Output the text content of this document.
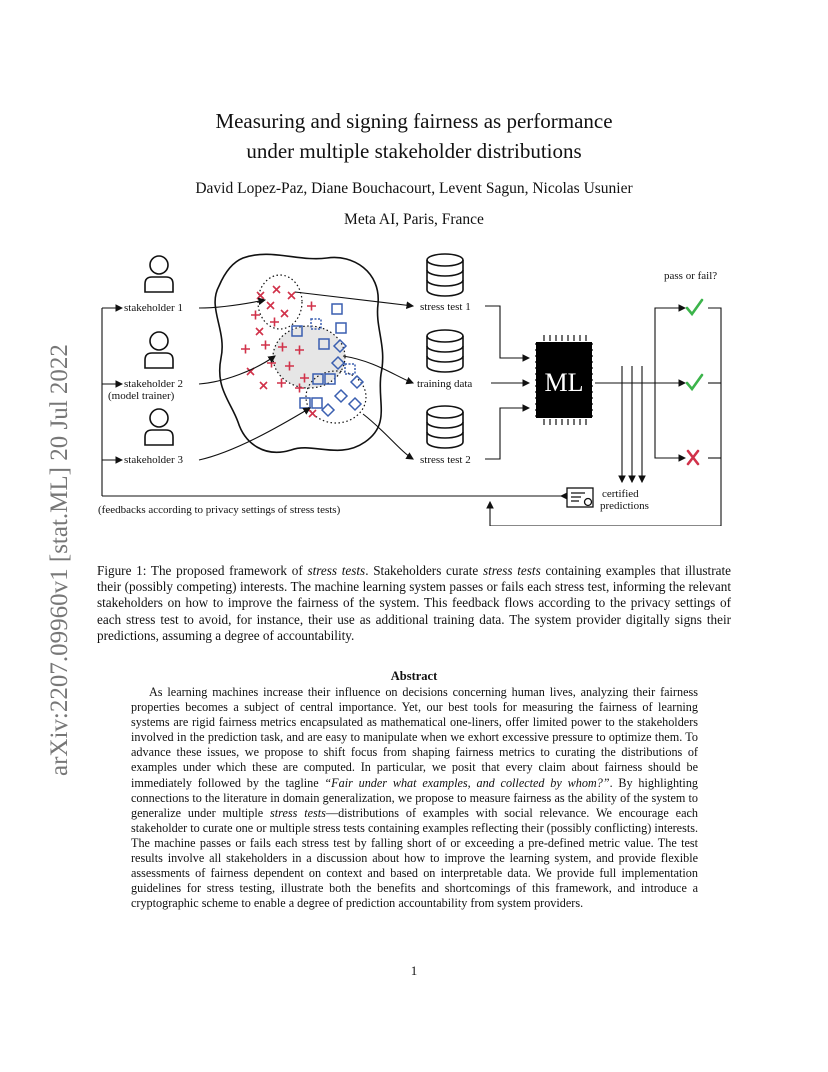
arXiv:2207.09960v1 [stat.ML] 20 Jul 2022
Measuring and signing fairness as performance
under multiple stakeholder distributions
David Lopez-Paz, Diane Bouchacourt, Levent Sagun, Nicolas Usunier
Meta AI, Paris, France
stakeholder 1
stakeholder 2
(model trainer)
stakeholder 3
stress test 1
training data
stress test 2
ML
pass or fail?
certified
predictions
(feedbacks according to privacy settings of stress tests)
Figure 1: The proposed framework of stress tests. Stakeholders curate stress tests containing examples that illustrate their (possibly competing) interests. The machine learning system passes or fails each stress test, informing the relevant stakeholders on how to improve the fairness of the system. This feedback flows according to the privacy settings of each stress test to avoid, for instance, their use as additional training data. The system provider digitally signs their predictions, assuming a degree of accountability.
Abstract

As learning machines increase their influence on decisions concerning human lives, analyzing their fairness properties becomes a subject of central importance. Yet, our best tools for measuring the fairness of learning systems are rigid fairness metrics encapsulated as mathematical one-liners, offer limited power to the stakeholders involved in the prediction task, and are easy to manipulate when we exhort excessive pressure to optimize them. To advance these issues, we propose to shift focus from shaping fairness metrics to curating the distributions of examples under which these are computed. In particular, we posit that every claim about fairness should be immediately followed by the tagline “Fair under what examples, and collected by whom?”. By highlighting connections to the literature in domain generalization, we propose to measure fairness as the ability of the system to generalize under multiple stress tests—distributions of examples with social relevance. We encourage each stakeholder to curate one or multiple stress tests containing examples reflecting their (possibly conflicting) interests. The machine passes or fails each stress test by falling short of or exceeding a pre-defined metric value. The test results involve all stakeholders in a discussion about how to improve the learning system, and provide flexible assessments of fairness dependent on context and based on interpretable data. We provide full implementation guidelines for stress testing, illustrate both the benefits and shortcomings of this framework, and introduce a cryptographic scheme to enable a degree of prediction accountability from system providers.

1
